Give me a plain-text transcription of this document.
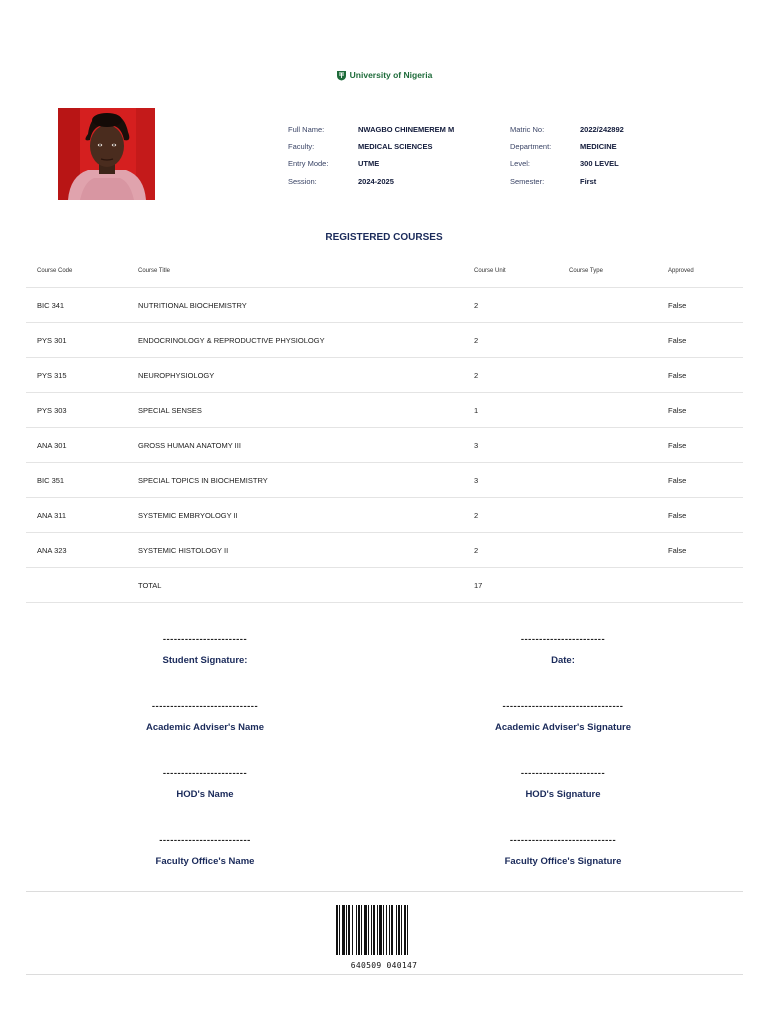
University of Nigeria
Full Name:	NWAGBO CHINEMEREM M
Faculty:	MEDICAL SCIENCES
Entry Mode:	UTME
Session:	2024-2025
Matric No:	2022/242892
Department:	MEDICINE
Level:	300 LEVEL
Semester:	First
REGISTERED COURSES
Course Code	Course Title	Course Unit	Course Type	Approved
BIC 341	NUTRITIONAL BIOCHEMISTRY	2		False
PYS 301	ENDOCRINOLOGY & REPRODUCTIVE PHYSIOLOGY	2		False
PYS 315	NEUROPHYSIOLOGY	2		False
PYS 303	SPECIAL SENSES	1		False
ANA 301	GROSS HUMAN ANATOMY III	3		False
BIC 351	SPECIAL TOPICS IN BIOCHEMISTRY	3		False
ANA 311	SYSTEMIC EMBRYOLOGY II	2		False
ANA 323	SYSTEMIC HISTOLOGY II	2		False
	TOTAL	17		
-----------------------
Student Signature:
-----------------------
Date:
-----------------------------
Academic Adviser's Name
---------------------------------
Academic Adviser's Signature
-----------------------
HOD's Name
-----------------------
HOD's Signature
-------------------------
Faculty Office's Name
-----------------------------
Faculty Office's Signature
640509 040147
